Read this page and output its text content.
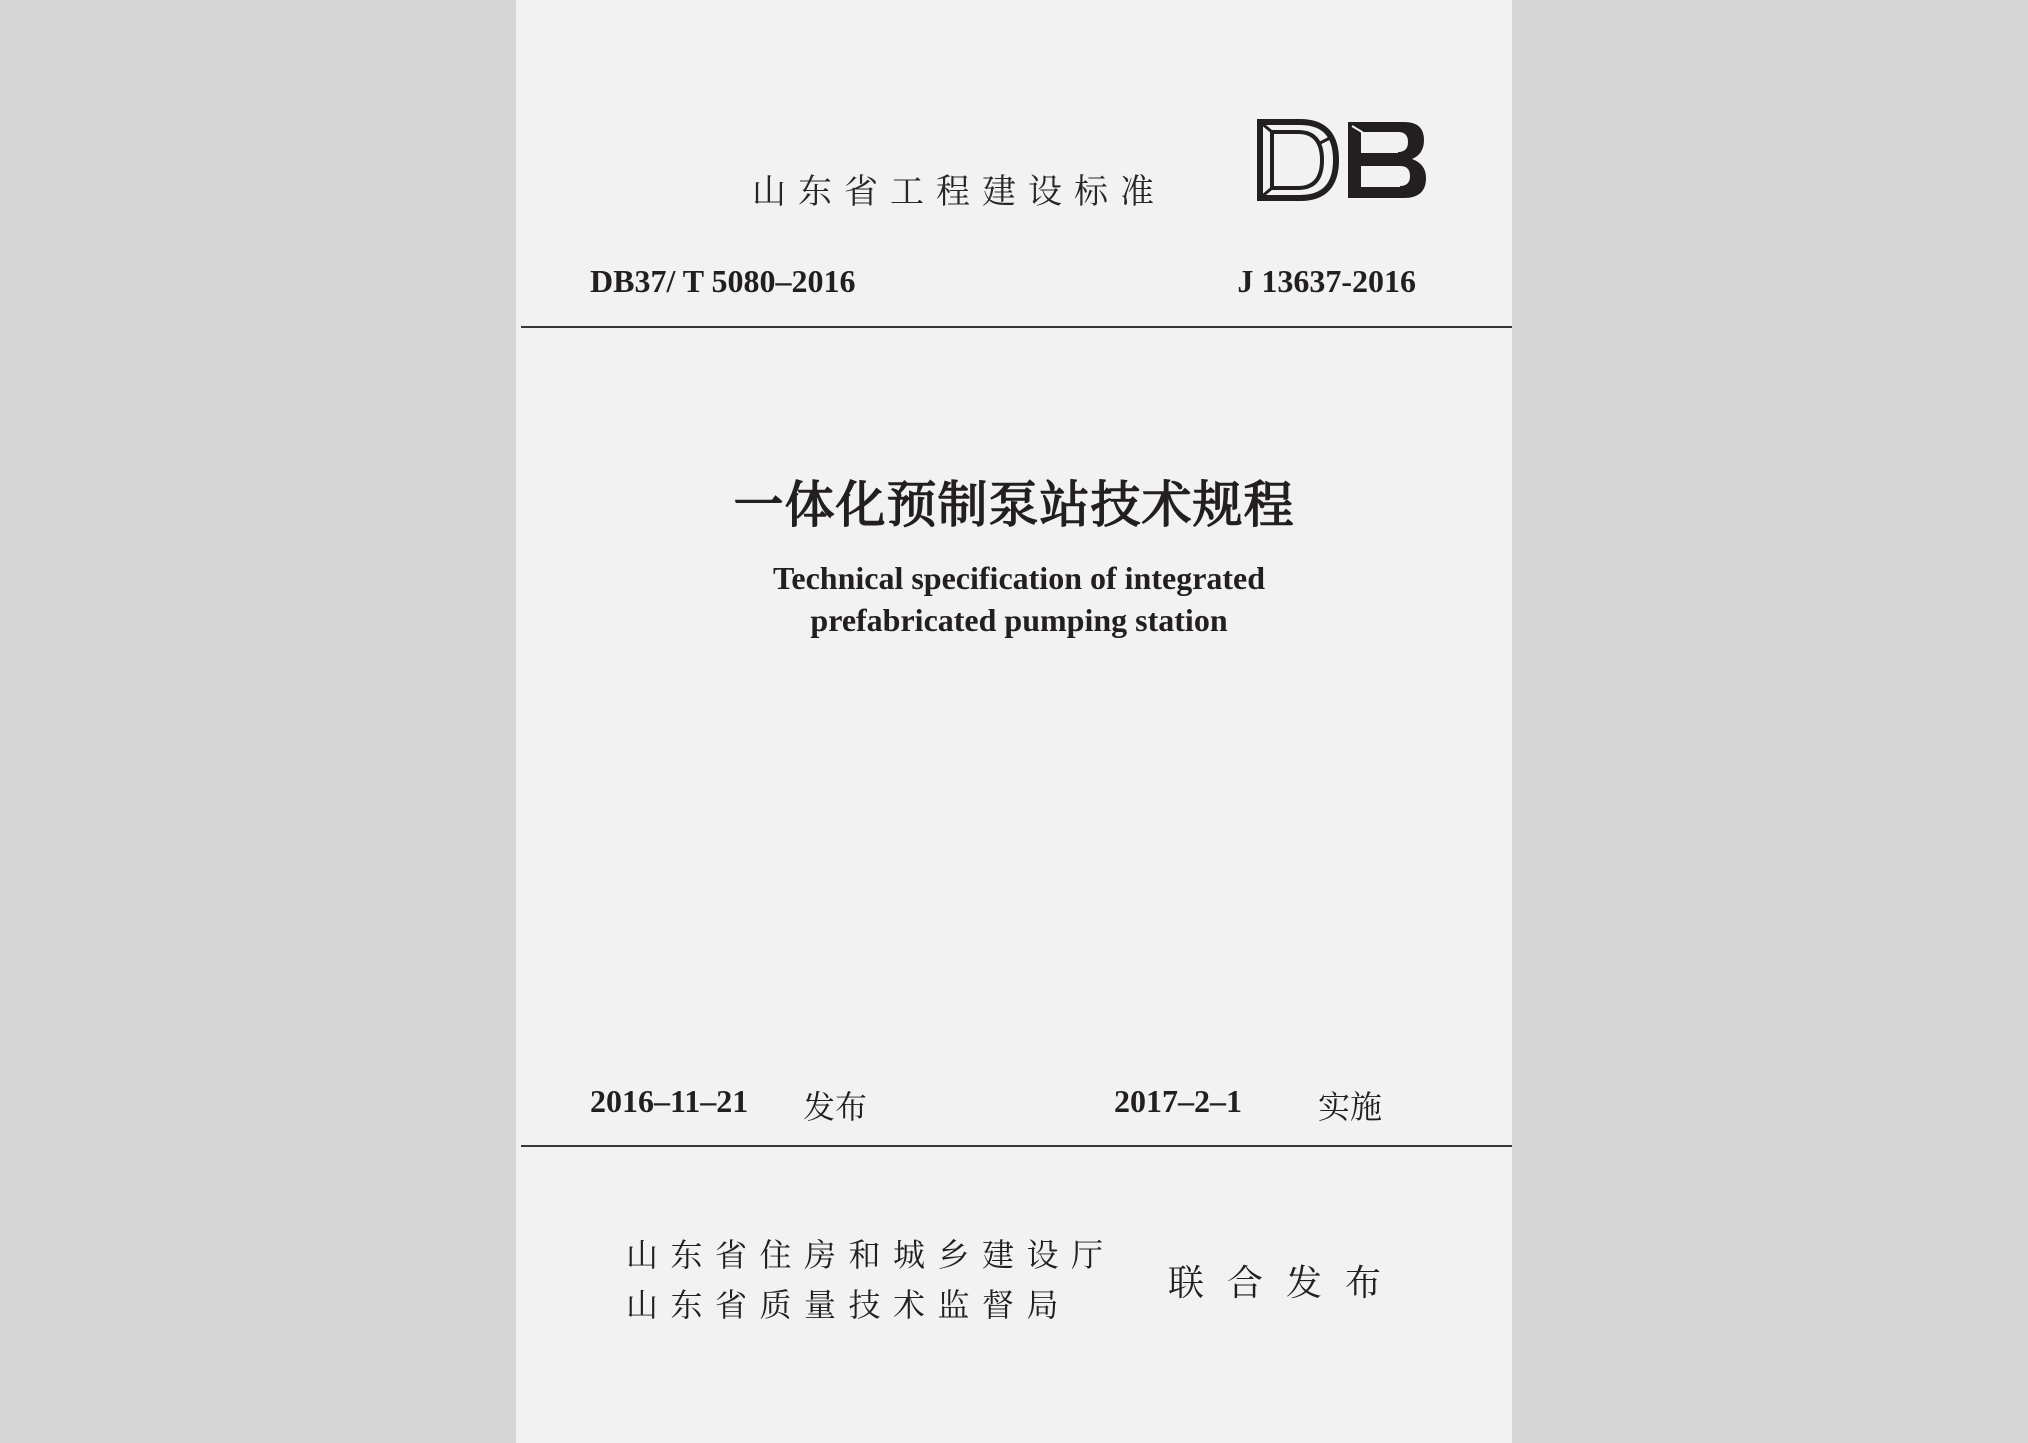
山东省工程建设标准
DB
DB37/ T 5080–2016	J 13637-2016
一体化预制泵站技术规程
Technical specification of integrated
prefabricated pumping station
2016–11–21 发布	2017–2–1 实施
山东省住房和城乡建设厅
山东省质量技术监督局
联合发布
